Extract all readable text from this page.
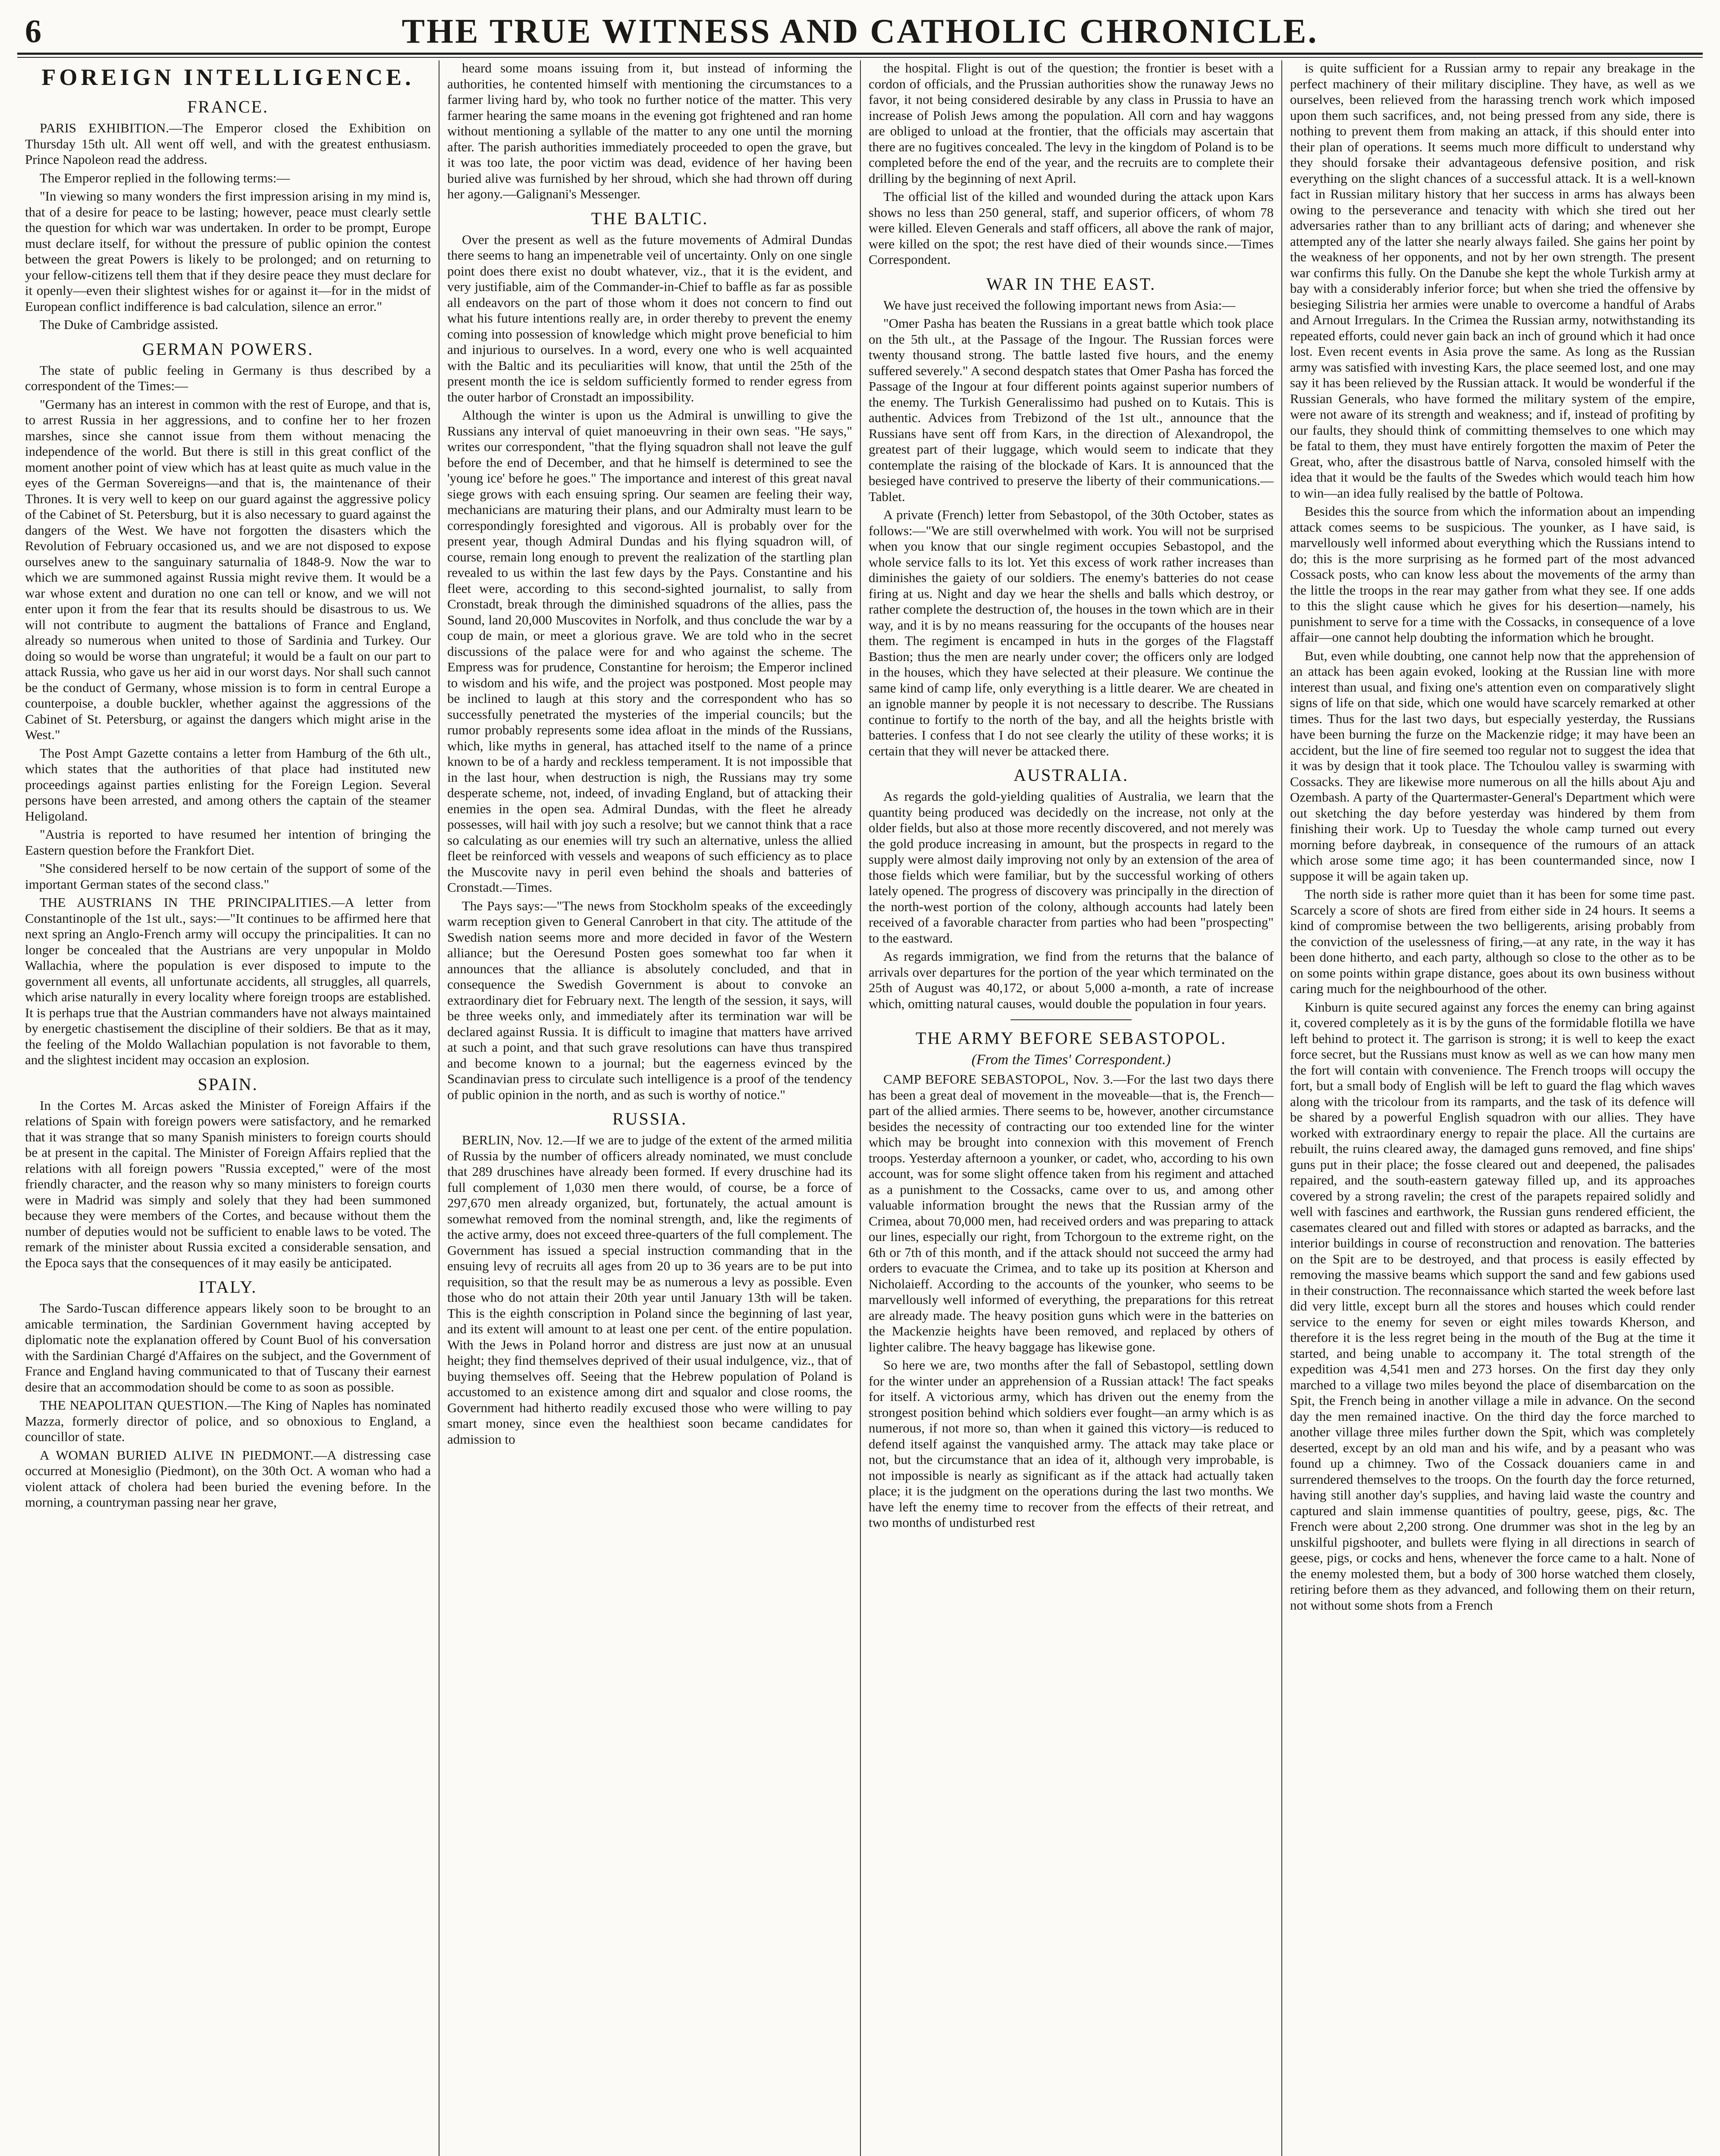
6	THE TRUE WITNESS AND CATHOLIC CHRONICLE.
FOREIGN INTELLIGENCE.
FRANCE.

PARIS EXHIBITION.—The Emperor closed the Exhibition on Thursday 15th ult. All went off well, and with the greatest enthusiasm. Prince Napoleon read the address.

The Emperor replied in the following terms:—

"In viewing so many wonders the first impression arising in my mind is, that of a desire for peace to be lasting; however, peace must clearly settle the question for which war was undertaken. In order to be prompt, Europe must declare itself, for without the pressure of public opinion the contest between the great Powers is likely to be prolonged; and on returning to your fellow-citizens tell them that if they desire peace they must declare for it openly—even their slightest wishes for or against it—for in the midst of European conflict indifference is bad calculation, silence an error."

The Duke of Cambridge assisted.

GERMAN POWERS.

The state of public feeling in Germany is thus described by a correspondent of the Times:—

"Germany has an interest in common with the rest of Europe, and that is, to arrest Russia in her aggressions, and to confine her to her frozen marshes, since she cannot issue from them without menacing the independence of the world. But there is still in this great conflict of the moment another point of view which has at least quite as much value in the eyes of the German Sovereigns—and that is, the maintenance of their Thrones. It is very well to keep on our guard against the aggressive policy of the Cabinet of St. Petersburg, but it is also necessary to guard against the dangers of the West. We have not forgotten the disasters which the Revolution of February occasioned us, and we are not disposed to expose ourselves anew to the sanguinary saturnalia of 1848-9. Now the war to which we are summoned against Russia might revive them. It would be a war whose extent and duration no one can tell or know, and we will not enter upon it from the fear that its results should be disastrous to us. We will not contribute to augment the battalions of France and England, already so numerous when united to those of Sardinia and Turkey. Our doing so would be worse than ungrateful; it would be a fault on our part to attack Russia, who gave us her aid in our worst days. Nor shall such cannot be the conduct of Germany, whose mission is to form in central Europe a counterpoise, a double buckler, whether against the aggressions of the Cabinet of St. Petersburg, or against the dangers which might arise in the West."

The Post Ampt Gazette contains a letter from Hamburg of the 6th ult., which states that the authorities of that place had instituted new proceedings against parties enlisting for the Foreign Legion. Several persons have been arrested, and among others the captain of the steamer Heligoland.

"Austria is reported to have resumed her intention of bringing the Eastern question before the Frankfort Diet.

"She considered herself to be now certain of the support of some of the important German states of the second class."

THE AUSTRIANS IN THE PRINCIPALITIES.—A letter from Constantinople of the 1st ult., says:—"It continues to be affirmed here that next spring an Anglo-French army will occupy the principalities. It can no longer be concealed that the Austrians are very unpopular in Moldo Wallachia, where the population is ever disposed to impute to the government all events, all unfortunate accidents, all struggles, all quarrels, which arise naturally in every locality where foreign troops are established. It is perhaps true that the Austrian commanders have not always maintained by energetic chastisement the discipline of their soldiers. Be that as it may, the feeling of the Moldo Wallachian population is not favorable to them, and the slightest incident may occasion an explosion.

SPAIN.

In the Cortes M. Arcas asked the Minister of Foreign Affairs if the relations of Spain with foreign powers were satisfactory, and he remarked that it was strange that so many Spanish ministers to foreign courts should be at present in the capital. The Minister of Foreign Affairs replied that the relations with all foreign powers "Russia excepted," were of the most friendly character, and the reason why so many ministers to foreign courts were in Madrid was simply and solely that they had been summoned because they were members of the Cortes, and because without them the number of deputies would not be sufficient to enable laws to be voted. The remark of the minister about Russia excited a considerable sensation, and the Epoca says that the consequences of it may easily be anticipated.

ITALY.

The Sardo-Tuscan difference appears likely soon to be brought to an amicable termination, the Sardinian Government having accepted by diplomatic note the explanation offered by Count Buol of his conversation with the Sardinian Chargé d'Affaires on the subject, and the Government of France and England having communicated to that of Tuscany their earnest desire that an accommodation should be come to as soon as possible.

THE NEAPOLITAN QUESTION.—The King of Naples has nominated Mazza, formerly director of police, and so obnoxious to England, a councillor of state.

A WOMAN BURIED ALIVE IN PIEDMONT.—A distressing case occurred at Monesiglio (Piedmont), on the 30th Oct. A woman who had a violent attack of cholera had been buried the evening before. In the morning, a countryman passing near her grave,

heard some moans issuing from it, but instead of informing the authorities, he contented himself with mentioning the circumstances to a farmer living hard by, who took no further notice of the matter. This very farmer hearing the same moans in the evening got frightened and ran home without mentioning a syllable of the matter to any one until the morning after. The parish authorities immediately proceeded to open the grave, but it was too late, the poor victim was dead, evidence of her having been buried alive was furnished by her shroud, which she had thrown off during her agony.—Galignani's Messenger.

THE BALTIC.

Over the present as well as the future movements of Admiral Dundas there seems to hang an impenetrable veil of uncertainty. Only on one single point does there exist no doubt whatever, viz., that it is the evident, and very justifiable, aim of the Commander-in-Chief to baffle as far as possible all endeavors on the part of those whom it does not concern to find out what his future intentions really are, in order thereby to prevent the enemy coming into possession of knowledge which might prove beneficial to him and injurious to ourselves. In a word, every one who is well acquainted with the Baltic and its peculiarities will know, that until the 25th of the present month the ice is seldom sufficiently formed to render egress from the outer harbor of Cronstadt an impossibility.

Although the winter is upon us the Admiral is unwilling to give the Russians any interval of quiet manoeuvring in their own seas. "He says," writes our correspondent, "that the flying squadron shall not leave the gulf before the end of December, and that he himself is determined to see the 'young ice' before he goes." The importance and interest of this great naval siege grows with each ensuing spring. Our seamen are feeling their way, mechanicians are maturing their plans, and our Admiralty must learn to be correspondingly foresighted and vigorous. All is probably over for the present year, though Admiral Dundas and his flying squadron will, of course, remain long enough to prevent the realization of the startling plan revealed to us within the last few days by the Pays. Constantine and his fleet were, according to this second-sighted journalist, to sally from Cronstadt, break through the diminished squadrons of the allies, pass the Sound, land 20,000 Muscovites in Norfolk, and thus conclude the war by a coup de main, or meet a glorious grave. We are told who in the secret discussions of the palace were for and who against the scheme. The Empress was for prudence, Constantine for heroism; the Emperor inclined to wisdom and his wife, and the project was postponed. Most people may be inclined to laugh at this story and the correspondent who has so successfully penetrated the mysteries of the imperial councils; but the rumor probably represents some idea afloat in the minds of the Russians, which, like myths in general, has attached itself to the name of a prince known to be of a hardy and reckless temperament. It is not impossible that in the last hour, when destruction is nigh, the Russians may try some desperate scheme, not, indeed, of invading England, but of attacking their enemies in the open sea. Admiral Dundas, with the fleet he already possesses, will hail with joy such a resolve; but we cannot think that a race so calculating as our enemies will try such an alternative, unless the allied fleet be reinforced with vessels and weapons of such efficiency as to place the Muscovite navy in peril even behind the shoals and batteries of Cronstadt.—Times.

The Pays says:—"The news from Stockholm speaks of the exceedingly warm reception given to General Canrobert in that city. The attitude of the Swedish nation seems more and more decided in favor of the Western alliance; but the Oeresund Posten goes somewhat too far when it announces that the alliance is absolutely concluded, and that in consequence the Swedish Government is about to convoke an extraordinary diet for February next. The length of the session, it says, will be three weeks only, and immediately after its termination war will be declared against Russia. It is difficult to imagine that matters have arrived at such a point, and that such grave resolutions can have thus transpired and become known to a journal; but the eagerness evinced by the Scandinavian press to circulate such intelligence is a proof of the tendency of public opinion in the north, and as such is worthy of notice."

RUSSIA.

BERLIN, Nov. 12.—If we are to judge of the extent of the armed militia of Russia by the number of officers already nominated, we must conclude that 289 druschines have already been formed. If every druschine had its full complement of 1,030 men there would, of course, be a force of 297,670 men already organized, but, fortunately, the actual amount is somewhat removed from the nominal strength, and, like the regiments of the active army, does not exceed three-quarters of the full complement. The Government has issued a special instruction commanding that in the ensuing levy of recruits all ages from 20 up to 36 years are to be put into requisition, so that the result may be as numerous a levy as possible. Even those who do not attain their 20th year until January 13th will be taken. This is the eighth conscription in Poland since the beginning of last year, and its extent will amount to at least one per cent. of the entire population. With the Jews in Poland horror and distress are just now at an unusual height; they find themselves deprived of their usual indulgence, viz., that of buying themselves off. Seeing that the Hebrew population of Poland is accustomed to an existence among dirt and squalor and close rooms, the Government had hitherto readily excused those who were willing to pay smart money, since even the healthiest soon became candidates for admission to

the hospital. Flight is out of the question; the frontier is beset with a cordon of officials, and the Prussian authorities show the runaway Jews no favor, it not being considered desirable by any class in Prussia to have an increase of Polish Jews among the population. All corn and hay waggons are obliged to unload at the frontier, that the officials may ascertain that there are no fugitives concealed. The levy in the kingdom of Poland is to be completed before the end of the year, and the recruits are to complete their drilling by the beginning of next April.

The official list of the killed and wounded during the attack upon Kars shows no less than 250 general, staff, and superior officers, of whom 78 were killed. Eleven Generals and staff officers, all above the rank of major, were killed on the spot; the rest have died of their wounds since.—Times Correspondent.

WAR IN THE EAST.

We have just received the following important news from Asia:—

"Omer Pasha has beaten the Russians in a great battle which took place on the 5th ult., at the Passage of the Ingour. The Russian forces were twenty thousand strong. The battle lasted five hours, and the enemy suffered severely." A second despatch states that Omer Pasha has forced the Passage of the Ingour at four different points against superior numbers of the enemy. The Turkish Generalissimo had pushed on to Kutais. This is authentic. Advices from Trebizond of the 1st ult., announce that the Russians have sent off from Kars, in the direction of Alexandropol, the greatest part of their luggage, which would seem to indicate that they contemplate the raising of the blockade of Kars. It is announced that the besieged have contrived to preserve the liberty of their communications.—Tablet.

A private (French) letter from Sebastopol, of the 30th October, states as follows:—"We are still overwhelmed with work. You will not be surprised when you know that our single regiment occupies Sebastopol, and the whole service falls to its lot. Yet this excess of work rather increases than diminishes the gaiety of our soldiers. The enemy's batteries do not cease firing at us. Night and day we hear the shells and balls which destroy, or rather complete the destruction of, the houses in the town which are in their way, and it is by no means reassuring for the occupants of the houses near them. The regiment is encamped in huts in the gorges of the Flagstaff Bastion; thus the men are nearly under cover; the officers only are lodged in the houses, which they have selected at their pleasure. We continue the same kind of camp life, only everything is a little dearer. We are cheated in an ignoble manner by people it is not necessary to describe. The Russians continue to fortify to the north of the bay, and all the heights bristle with batteries. I confess that I do not see clearly the utility of these works; it is certain that they will never be attacked there.

AUSTRALIA.

As regards the gold-yielding qualities of Australia, we learn that the quantity being produced was decidedly on the increase, not only at the older fields, but also at those more recently discovered, and not merely was the gold produce increasing in amount, but the prospects in regard to the supply were almost daily improving not only by an extension of the area of those fields which were familiar, but by the successful working of others lately opened. The progress of discovery was principally in the direction of the north-west portion of the colony, although accounts had lately been received of a favorable character from parties who had been "prospecting" to the eastward.

As regards immigration, we find from the returns that the balance of arrivals over departures for the portion of the year which terminated on the 25th of August was 40,172, or about 5,000 a-month, a rate of increase which, omitting natural causes, would double the population in four years.

THE ARMY BEFORE SEBASTOPOL.
(From the Times' Correspondent.)

CAMP BEFORE SEBASTOPOL, Nov. 3.—For the last two days there has been a great deal of movement in the moveable—that is, the French—part of the allied armies. There seems to be, however, another circumstance besides the necessity of contracting our too extended line for the winter which may be brought into connexion with this movement of French troops. Yesterday afternoon a younker, or cadet, who, according to his own account, was for some slight offence taken from his regiment and attached as a punishment to the Cossacks, came over to us, and among other valuable information brought the news that the Russian army of the Crimea, about 70,000 men, had received orders and was preparing to attack our lines, especially our right, from Tchorgoun to the extreme right, on the 6th or 7th of this month, and if the attack should not succeed the army had orders to evacuate the Crimea, and to take up its position at Kherson and Nicholaieff. According to the accounts of the younker, who seems to be marvellously well informed of everything, the preparations for this retreat are already made. The heavy position guns which were in the batteries on the Mackenzie heights have been removed, and replaced by others of lighter calibre. The heavy baggage has likewise gone.

So here we are, two months after the fall of Sebastopol, settling down for the winter under an apprehension of a Russian attack! The fact speaks for itself. A victorious army, which has driven out the enemy from the strongest position behind which soldiers ever fought—an army which is as numerous, if not more so, than when it gained this victory—is reduced to defend itself against the vanquished army. The attack may take place or not, but the circumstance that an idea of it, although very improbable, is not impossible is nearly as significant as if the attack had actually taken place; it is the judgment on the operations during the last two months. We have left the enemy time to recover from the effects of their retreat, and two months of undisturbed rest

is quite sufficient for a Russian army to repair any breakage in the perfect machinery of their military discipline. They have, as well as we ourselves, been relieved from the harassing trench work which imposed upon them such sacrifices, and, not being pressed from any side, there is nothing to prevent them from making an attack, if this should enter into their plan of operations. It seems much more difficult to understand why they should forsake their advantageous defensive position, and risk everything on the slight chances of a successful attack. It is a well-known fact in Russian military history that her success in arms has always been owing to the perseverance and tenacity with which she tired out her adversaries rather than to any brilliant acts of daring; and whenever she attempted any of the latter she nearly always failed. She gains her point by the weakness of her opponents, and not by her own strength. The present war confirms this fully. On the Danube she kept the whole Turkish army at bay with a considerably inferior force; but when she tried the offensive by besieging Silistria her armies were unable to overcome a handful of Arabs and Arnout Irregulars. In the Crimea the Russian army, notwithstanding its repeated efforts, could never gain back an inch of ground which it had once lost. Even recent events in Asia prove the same. As long as the Russian army was satisfied with investing Kars, the place seemed lost, and one may say it has been relieved by the Russian attack. It would be wonderful if the Russian Generals, who have formed the military system of the empire, were not aware of its strength and weakness; and if, instead of profiting by our faults, they should think of committing themselves to one which may be fatal to them, they must have entirely forgotten the maxim of Peter the Great, who, after the disastrous battle of Narva, consoled himself with the idea that it would be the faults of the Swedes which would teach him how to win—an idea fully realised by the battle of Poltowa.

Besides this the source from which the information about an impending attack comes seems to be suspicious. The younker, as I have said, is marvellously well informed about everything which the Russians intend to do; this is the more surprising as he formed part of the most advanced Cossack posts, who can know less about the movements of the army than the little the troops in the rear may gather from what they see. If one adds to this the slight cause which he gives for his desertion—namely, his punishment to serve for a time with the Cossacks, in consequence of a love affair—one cannot help doubting the information which he brought.

But, even while doubting, one cannot help now that the apprehension of an attack has been again evoked, looking at the Russian line with more interest than usual, and fixing one's attention even on comparatively slight signs of life on that side, which one would have scarcely remarked at other times. Thus for the last two days, but especially yesterday, the Russians have been burning the furze on the Mackenzie ridge; it may have been an accident, but the line of fire seemed too regular not to suggest the idea that it was by design that it took place. The Tchoulou valley is swarming with Cossacks. They are likewise more numerous on all the hills about Aju and Ozembash. A party of the Quartermaster-General's Department which were out sketching the day before yesterday was hindered by them from finishing their work. Up to Tuesday the whole camp turned out every morning before daybreak, in consequence of the rumours of an attack which arose some time ago; it has been countermanded since, now I suppose it will be again taken up.

The north side is rather more quiet than it has been for some time past. Scarcely a score of shots are fired from either side in 24 hours. It seems a kind of compromise between the two belligerents, arising probably from the conviction of the uselessness of firing,—at any rate, in the way it has been done hitherto, and each party, although so close to the other as to be on some points within grape distance, goes about its own business without caring much for the neighbourhood of the other.

Kinburn is quite secured against any forces the enemy can bring against it, covered completely as it is by the guns of the formidable flotilla we have left behind to protect it. The garrison is strong; it is well to keep the exact force secret, but the Russians must know as well as we can how many men the fort will contain with convenience. The French troops will occupy the fort, but a small body of English will be left to guard the flag which waves along with the tricolour from its ramparts, and the task of its defence will be shared by a powerful English squadron with our allies. They have worked with extraordinary energy to repair the place. All the curtains are rebuilt, the ruins cleared away, the damaged guns removed, and fine ships' guns put in their place; the fosse cleared out and deepened, the palisades repaired, and the south-eastern gateway filled up, and its approaches covered by a strong ravelin; the crest of the parapets repaired solidly and well with fascines and earthwork, the Russian guns rendered efficient, the casemates cleared out and filled with stores or adapted as barracks, and the interior buildings in course of reconstruction and renovation. The batteries on the Spit are to be destroyed, and that process is easily effected by removing the massive beams which support the sand and few gabions used in their construction. The reconnaissance which started the week before last did very little, except burn all the stores and houses which could render service to the enemy for seven or eight miles towards Kherson, and therefore it is the less regret being in the mouth of the Bug at the time it started, and being unable to accompany it. The total strength of the expedition was 4,541 men and 273 horses. On the first day they only marched to a village two miles beyond the place of disembarcation on the Spit, the French being in another village a mile in advance. On the second day the men remained inactive. On the third day the force marched to another village three miles further down the Spit, which was completely deserted, except by an old man and his wife, and by a peasant who was found up a chimney. Two of the Cossack douaniers came in and surrendered themselves to the troops. On the fourth day the force returned, having still another day's supplies, and having laid waste the country and captured and slain immense quantities of poultry, geese, pigs, &c. The French were about 2,200 strong. One drummer was shot in the leg by an unskilful pigshooter, and bullets were flying in all directions in search of geese, pigs, or cocks and hens, whenever the force came to a halt. None of the enemy molested them, but a body of 300 horse watched them closely, retiring before them as they advanced, and following them on their return, not without some shots from a French
